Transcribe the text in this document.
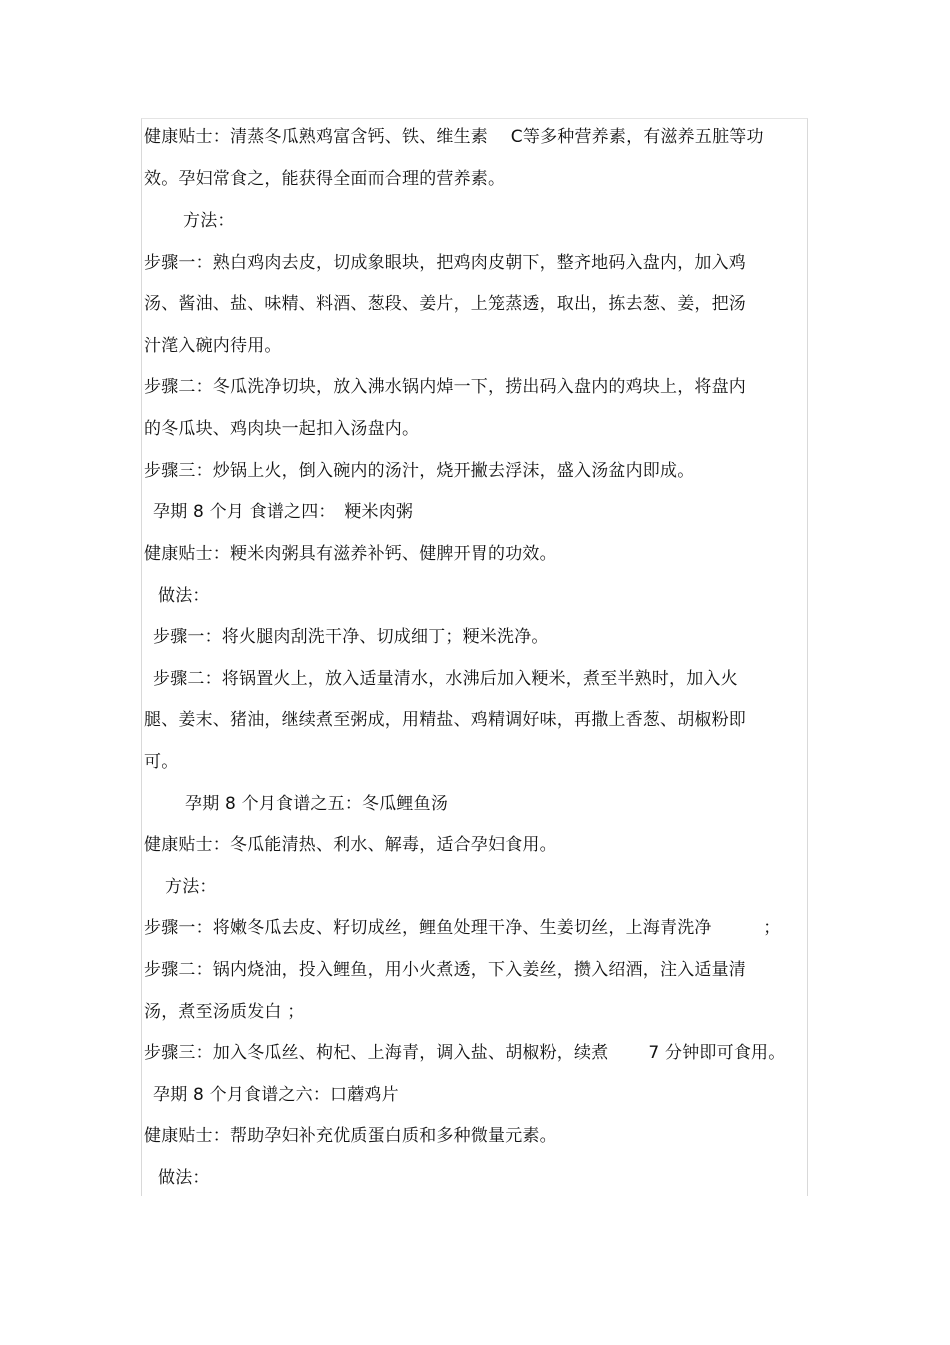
健康贴士：清蒸冬瓜熟鸡富含钙、铁、维生素 　C等多种营养素，有滋养五脏等功
效。孕妇常食之，能获得全面而合理的营养素。
方法：
步骤一：熟白鸡肉去皮，切成象眼块，把鸡肉皮朝下，整齐地码入盘内，加入鸡
汤、酱油、盐、味精、料酒、葱段、姜片，上笼蒸透，取出，拣去葱、姜，把汤
汁滗入碗内待用。
步骤二：冬瓜洗净切块，放入沸水锅内焯一下，捞出码入盘内的鸡块上，将盘内
的冬瓜块、鸡肉块一起扣入汤盘内。
步骤三：炒锅上火，倒入碗内的汤汁，烧开撇去浮沫，盛入汤盆内即成。
孕期 8 个月 食谱之四：　粳米肉粥
健康贴士：粳米肉粥具有滋养补钙、健脾开胃的功效。
做法：
步骤一：将火腿肉刮洗干净、切成细丁；粳米洗净。
步骤二：将锅置火上，放入适量清水，水沸后加入粳米，煮至半熟时，加入火
腿、姜末、猪油，继续煮至粥成，用精盐、鸡精调好味，再撒上香葱、胡椒粉即
可。
孕期 8 个月食谱之五：冬瓜鲤鱼汤
健康贴士：冬瓜能清热、利水、解毒，适合孕妇食用。
方法：
步骤一：将嫩冬瓜去皮、籽切成丝，鲤鱼处理干净、生姜切丝，上海青洗净　　　；
步骤二：锅内烧油，投入鲤鱼，用小火煮透，下入姜丝，攒入绍酒，注入适量清
汤，煮至汤质发白 ；
步骤三：加入冬瓜丝、枸杞、上海青，调入盐、胡椒粉，续煮　　 7 分钟即可食用。
孕期 8 个月食谱之六：口蘑鸡片
健康贴士：帮助孕妇补充优质蛋白质和多种微量元素。
做法：
